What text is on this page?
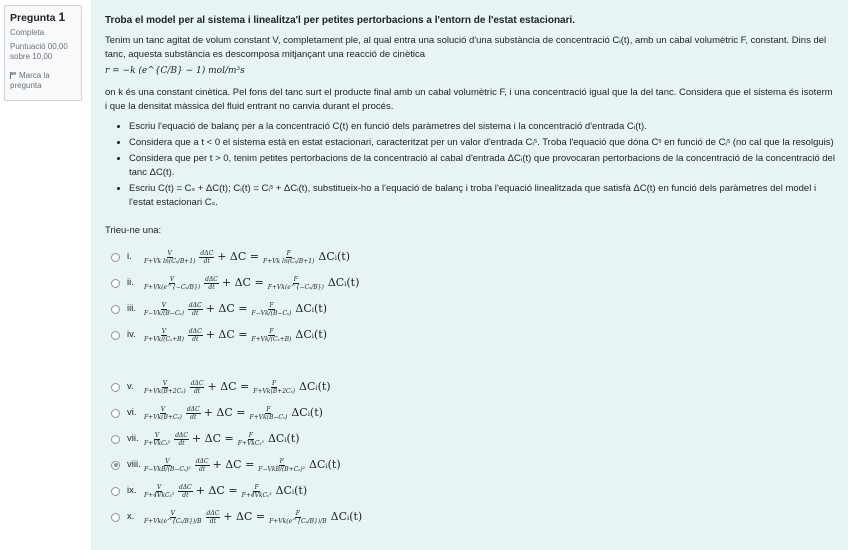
Pregunta 1
Completa
Puntuació 00,00 sobre 10,00
Marca la pregunta
Troba el model per al sistema i linealitza'l per petites pertorbacions a l'entorn de l'estat estacionari.
Tenim un tanc agitat de volum constant V, completament ple, al qual entra una solució d'una substància de concentració Cᵢ(t), amb un cabal volumètric F, constant. Dins del tanc, aquesta substància es descomposa mitjançant una reacció de cinètica
r = −k (e^{C/B} − 1) mol/m³s
on k és una constant cinètica. Pel fons del tanc surt el producte final amb un cabal volumètric F, i una concentració igual que la del tanc. Considera que el sistema és isoterm i que la densitat màssica del fluid entrant no canvia durant el procés.
• Escriu l'equació de balanç per a la concentració C(t) en funció dels paràmetres del sistema i la concentració d'entrada Cᵢ(t).
• Considera que a t < 0 el sistema està en estat estacionari, caracteritzat per un valor d'entrada Cᵢˢ. Troba l'equació que dóna Cˢ en funció de Cᵢˢ (no cal que la resolguis)
• Considera que per t > 0, tenim petites pertorbacions de la concentració al cabal d'entrada ΔCᵢ(t) que provocaran pertorbacions de la concentració de la concentració del tanc ΔC(t).
• Escriu C(t) = Cₛ + ΔC(t); Cᵢ(t) = Cᵢˢ + ΔCᵢ(t), substitueix-ho a l'equació de balanç i troba l'equació linealitzada que satisfà ΔC(t) en funció dels paràmetres del model i l'estat estacionari Cₛ.
Trieu-ne una:
i.	$\frac{V}{\text{F+Vk ln(Cₛ/B+1)}} \frac{\text{dΔC}}{dt} + \Delta C = \frac{F}{\text{F+Vk ln(Cₛ/B+1)}}$ ΔCᵢ(t)
ii.	$\frac{V}{\text{F+Vk(e\textasciicircum{}\{−Cₛ/B\})}} \frac{\text{dΔC}}{dt} + \Delta C = \frac{F}{\text{F+Vk(e\textasciicircum{}\{−Cₛ/B\})}}$ ΔCᵢ(t)
iii.	$\frac{V}{\text{F−Vk/(B−Cₛ)}} \frac{\text{dΔC}}{dt} + \Delta C = \frac{F}{\text{F−Vk/(B−Cₛ)}}$ ΔCᵢ(t)
iv.	$\frac{V}{\text{F+Vk/(Cₛ+B)}} \frac{\text{dΔC}}{dt} + \Delta C = \frac{F}{\text{F+Vk/(Cₛ+B)}}$ ΔCᵢ(t)
v.	$\frac{V}{\text{F+Vk(B+2Cₛ)}} \frac{\text{dΔC}}{dt} + \Delta C = \frac{F}{\text{F+Vk(B+2Cₛ)}}$ ΔCᵢ(t)
vi.	$\frac{V}{\text{F+Vk(B+Cₛ)}} \frac{\text{dΔC}}{dt} + \Delta C = \frac{F}{\text{F+Vk(B−Cₛ)}}$ ΔCᵢ(t)
vii. $\frac{V}{\text{F+VkCₛ²}} \frac{\text{dΔC}}{dt} + \Delta C = \frac{F}{\text{F+VkCₛ²}}$ ΔCᵢ(t)
viii. $\frac{V}{\text{F−VkB/(B−Cₛ)²}} \frac{\text{dΔC}}{dt} + \Delta C = \frac{F}{\text{F−VkB/(B+Cₛ)²}}$ ΔCᵢ(t)
ix.	$\frac{V}{\text{F+4VkCₛ³}} \frac{\text{dΔC}}{dt} + \Delta C = \frac{F}{\text{F+4VkCₛ³}}$ ΔCᵢ(t)
x.	$\frac{V}{\text{F+Vk(e\textasciicircum{}\{Cₛ/B\})/B}} \frac{\text{dΔC}}{dt} + \Delta C = \frac{F}{\text{F+Vk(e\textasciicircum{}\{Cₛ/B\})/B}}$ ΔCᵢ(t)
